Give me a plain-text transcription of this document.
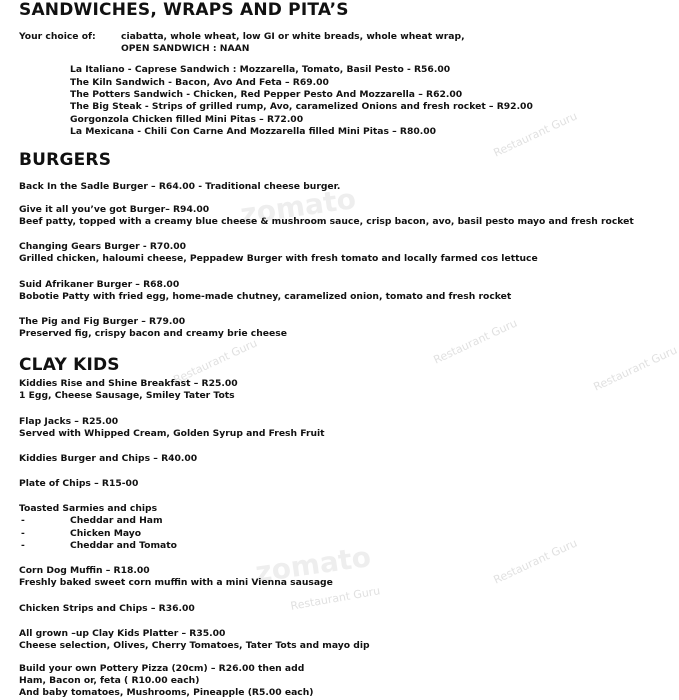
Restaurant Guru
Restaurant Guru
Restaurant Guru	Restaurant Guru
Restaurant Guru
Restaurant Guru
zomato
zomato
SANDWICHES, WRAPS AND PITA’S
Your choice of:	ciabatta, whole wheat, low GI or white breads, whole wheat wrap,
OPEN SANDWICH : NAAN
La Italiano - Caprese Sandwich : Mozzarella, Tomato, Basil Pesto - R56.00
The Kiln Sandwich - Bacon, Avo And Feta – R69.00
The Potters Sandwich - Chicken, Red Pepper Pesto And Mozzarella – R62.00
The Big Steak - Strips of grilled rump, Avo, caramelized Onions and fresh rocket – R92.00
Gorgonzola Chicken filled Mini Pitas – R72.00
La Mexicana - Chili Con Carne And Mozzarella filled Mini Pitas – R80.00
BURGERS
Back In the Sadle Burger – R64.00 - Traditional cheese burger.
Give it all you’ve got Burger– R94.00
Beef patty, topped with a creamy blue cheese & mushroom sauce, crisp bacon, avo, basil pesto mayo and fresh rocket
Changing Gears Burger - R70.00
Grilled chicken, haloumi cheese, Peppadew Burger with fresh tomato and locally farmed cos lettuce
Suid Afrikaner Burger – R68.00
Bobotie Patty with fried egg, home-made chutney, caramelized onion, tomato and fresh rocket
The Pig and Fig Burger – R79.00
Preserved fig, crispy bacon and creamy brie cheese
CLAY KIDS
Kiddies Rise and Shine Breakfast – R25.00
1 Egg, Cheese Sausage, Smiley Tater Tots
Flap Jacks – R25.00
Served with Whipped Cream, Golden Syrup and Fresh Fruit
Kiddies Burger and Chips – R40.00
Plate of Chips – R15-00
Toasted Sarmies and chips
-	Cheddar and Ham
-	Chicken Mayo
-	Cheddar and Tomato
Corn Dog Muffin – R18.00
Freshly baked sweet corn muffin with a mini Vienna sausage
Chicken Strips and Chips – R36.00
All grown –up Clay Kids Platter – R35.00
Cheese selection, Olives, Cherry Tomatoes, Tater Tots and mayo dip
Build your own Pottery Pizza (20cm) – R26.00 then add
Ham, Bacon or, feta ( R10.00 each)
And baby tomatoes, Mushrooms, Pineapple (R5.00 each)
